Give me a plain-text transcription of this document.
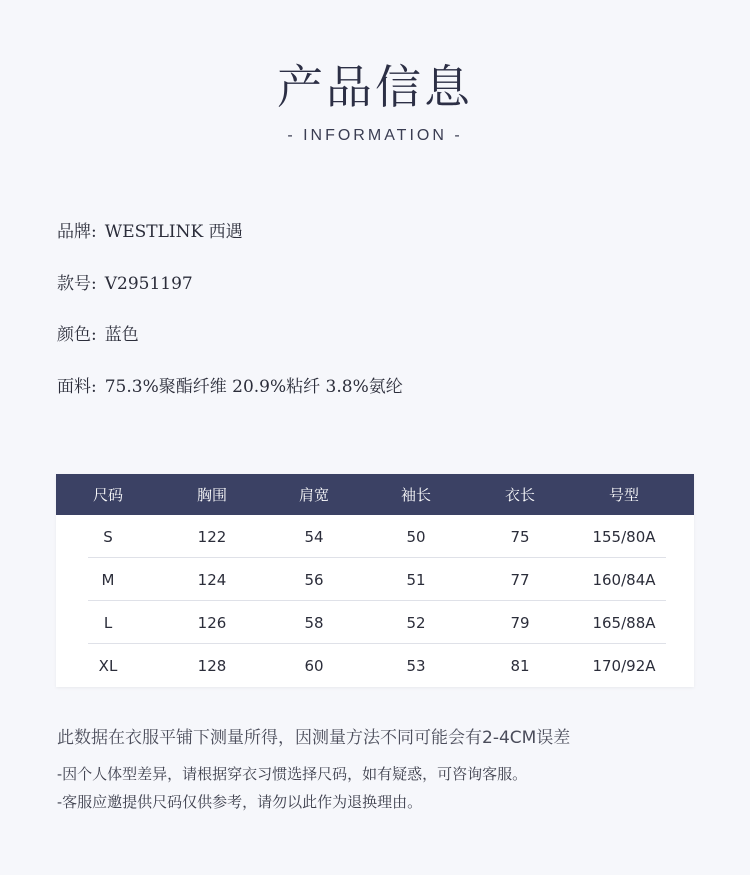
产品信息
- INFORMATION -
品牌: WESTLINK 西遇
款号: V2951197
颜色: 蓝色
面料: 75.3%聚酯纤维 20.9%粘纤 3.8%氨纶
尺码	胸围	肩宽	袖长	衣长	号型
S	122	54	50	75	155/80A
M	124	56	51	77	160/84A
L	126	58	52	79	165/88A
XL	128	60	53	81	170/92A
此数据在衣服平铺下测量所得，因测量方法不同可能会有2-4CM误差
-因个人体型差异，请根据穿衣习惯选择尺码，如有疑惑，可咨询客服。
-客服应邀提供尺码仅供参考，请勿以此作为退换理由。
